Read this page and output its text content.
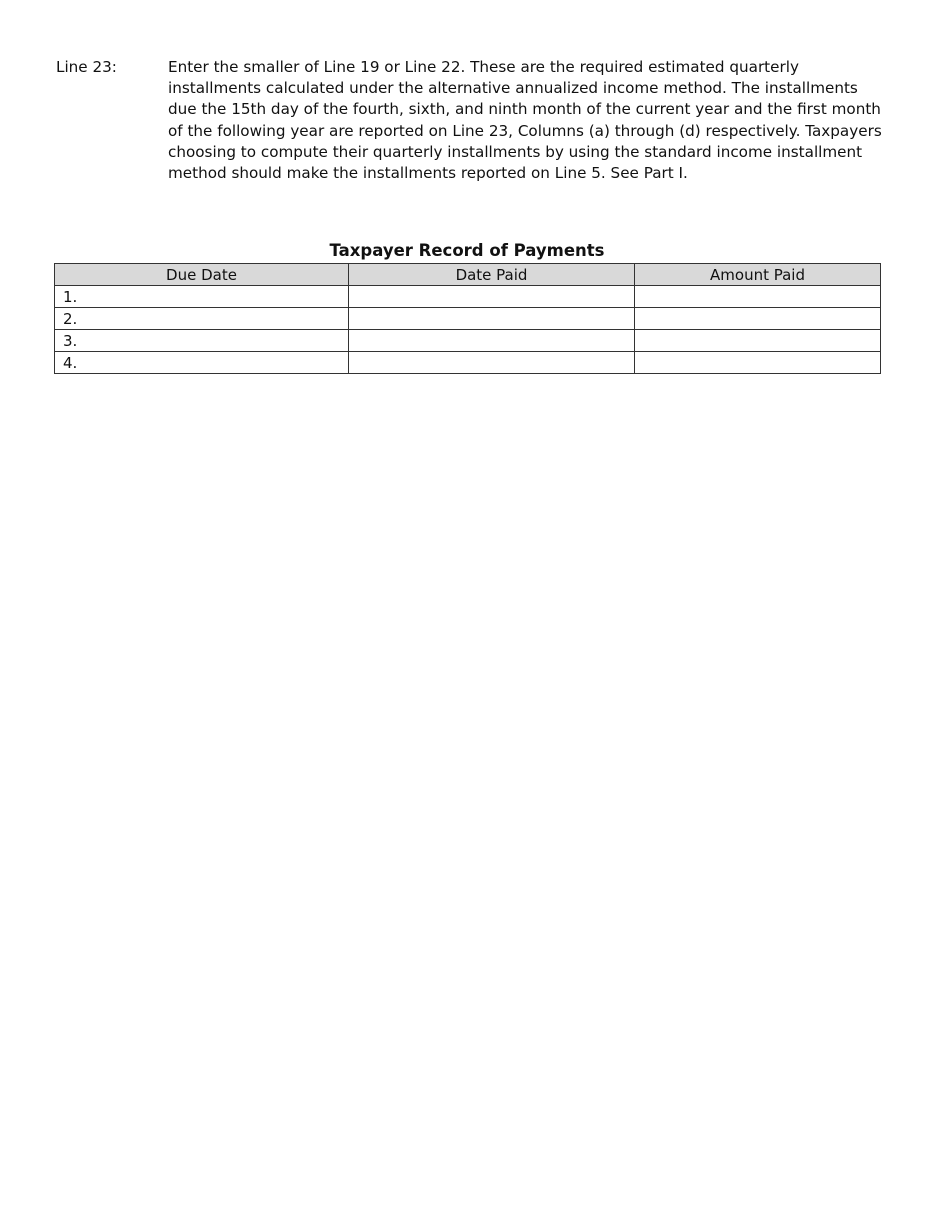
Line 23:	Enter the smaller of Line 19 or Line 22. These are the required estimated quarterly installments calculated under the alternative annualized income method. The installments due the 15th day of the fourth, sixth, and ninth month of the current year and the first month of the following year are reported on Line 23, Columns (a) through (d) respectively. Taxpayers choosing to compute their quarterly installments by using the standard income installment method should make the installments reported on Line 5. See Part I.
Taxpayer Record of Payments
Due Date	Date Paid	Amount Paid
1.		
2.		
3.		
4.		
